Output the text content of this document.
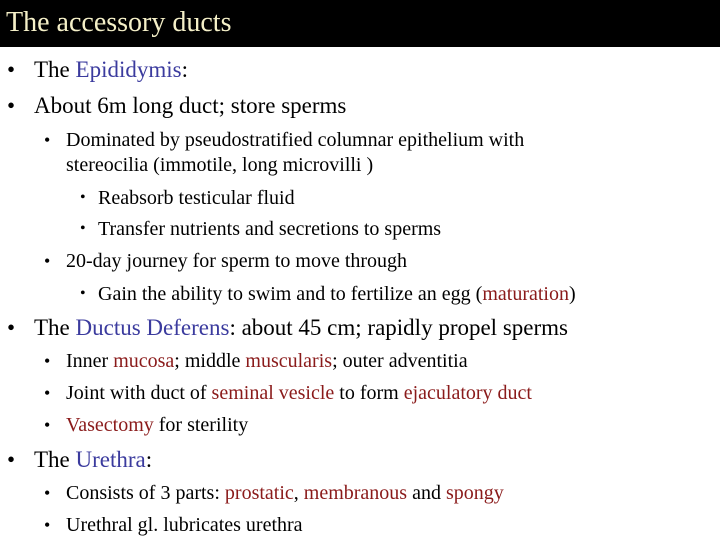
The accessory ducts
• The Epididymis:
• About 6m long duct; store sperms
• Dominated by pseudostratified columnar epithelium with
stereocilia (immotile, long microvilli )
• Reabsorb testicular fluid
• Transfer nutrients and secretions to sperms
• 20-day journey for sperm to move through
• Gain the ability to swim and to fertilize an egg (maturation)
• The Ductus Deferens: about 45 cm; rapidly propel sperms
• Inner mucosa; middle muscularis; outer adventitia
• Joint with duct of seminal vesicle to form ejaculatory duct
• Vasectomy for sterility
• The Urethra:
• Consists of 3 parts: prostatic, membranous and spongy
• Urethral gl. lubricates urethra
